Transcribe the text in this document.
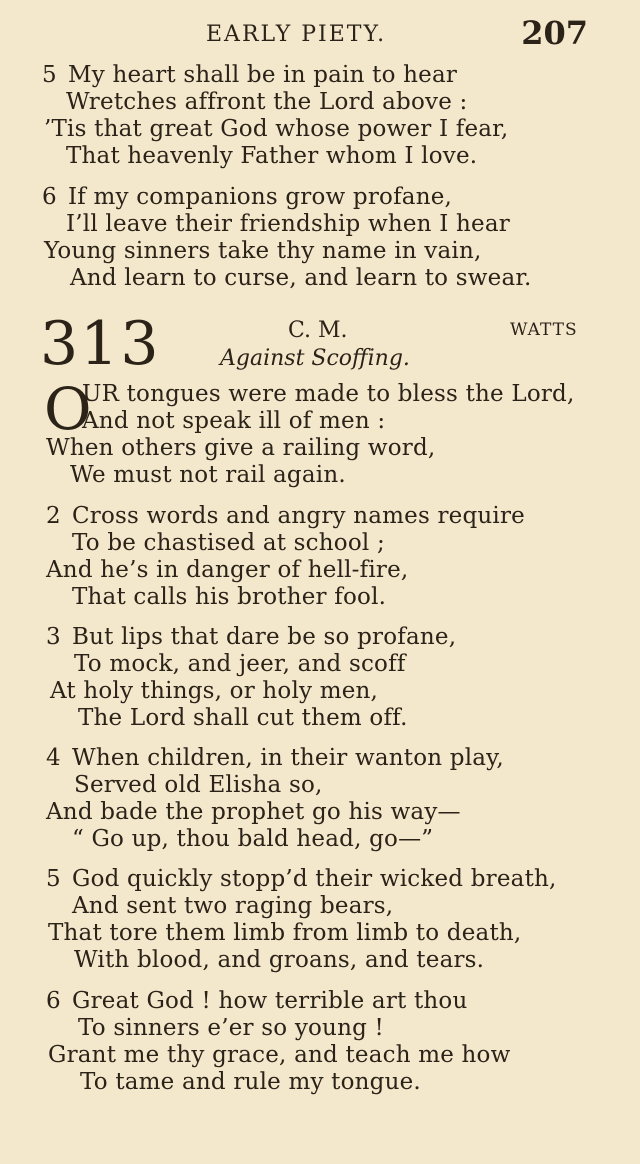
EARLY PIETY.	207
5 My heart shall be in pain to hear
Wretches affront the Lord above :
’Tis that great God whose power I fear,
That heavenly Father whom I love.
6 If my companions grow profane,
I’ll leave their friendship when I hear
Young sinners take thy name in vain,
And learn to curse, and learn to swear.
313	C. M.	WATTS
Against Scoffing.
O
UR tongues were made to bless the Lord,
And not speak ill of men :
When others give a railing word,
We must not rail again.
2 Cross words and angry names require
To be chastised at school ;
And he’s in danger of hell-fire,
That calls his brother fool.
3 But lips that dare be so profane,
To mock, and jeer, and scoff
At holy things, or holy men,
The Lord shall cut them off.
4 When children, in their wanton play,
Served old Elisha so,
And bade the prophet go his way—
“ Go up, thou bald head, go—”
5 God quickly stopp’d their wicked breath,
And sent two raging bears,
That tore them limb from limb to death,
With blood, and groans, and tears.
6 Great God ! how terrible art thou
To sinners e’er so young !
Grant me thy grace, and teach me how
To tame and rule my tongue.
